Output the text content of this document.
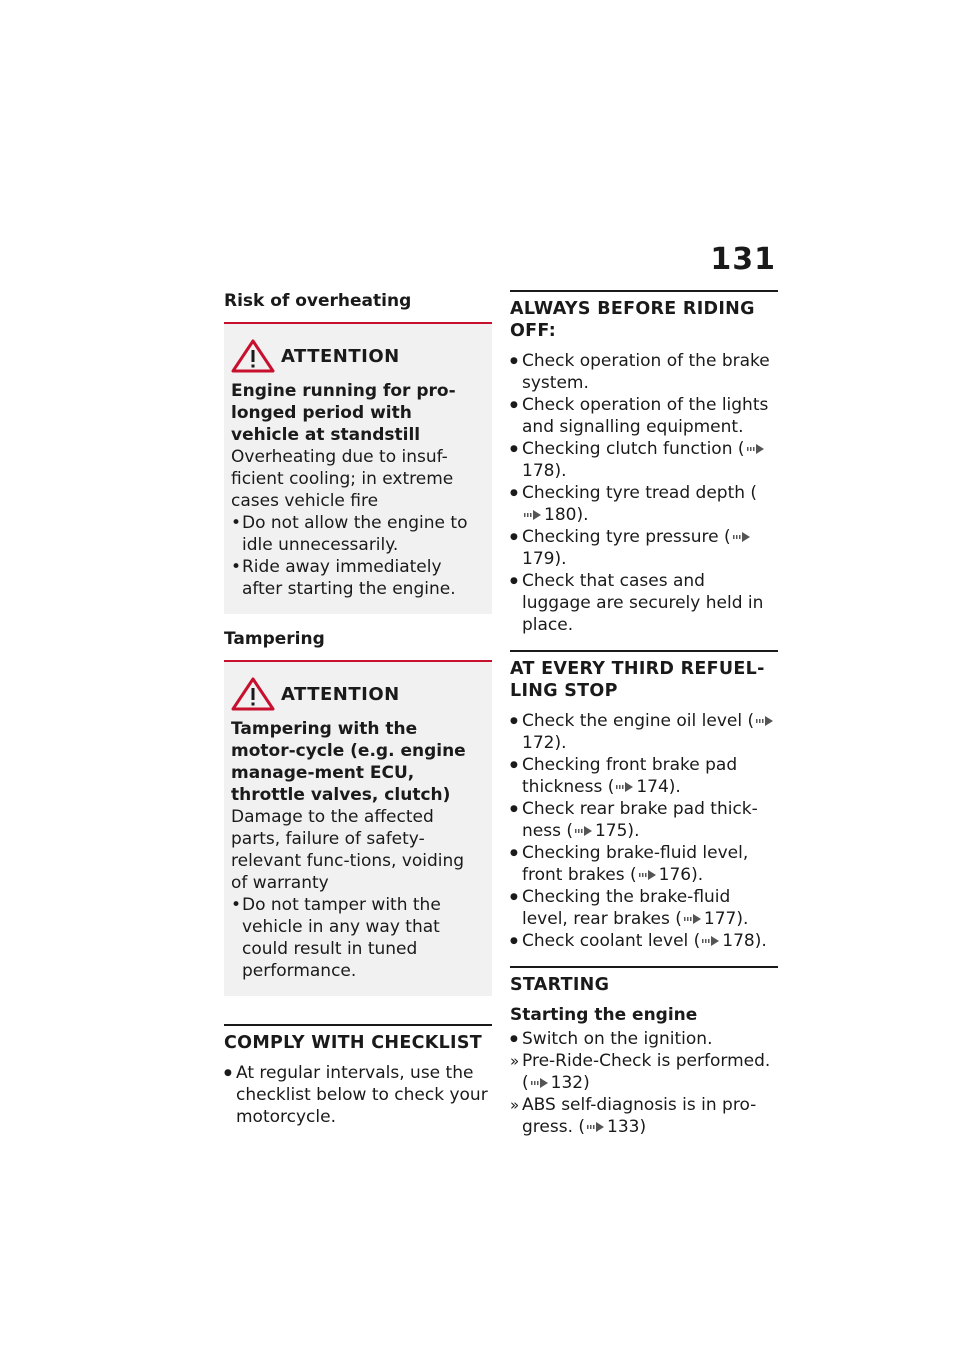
131
Risk of overheating
ATTENTION
Engine running for pro-longed period with vehicle at standstill
Overheating due to insuf-ficient cooling; in extreme cases vehicle fire
• Do not allow the engine to idle unnecessarily.
• Ride away immediately after starting the engine.
Tampering
ATTENTION
Tampering with the motor-cycle (e.g. engine manage-ment ECU, throttle valves, clutch)
Damage to the affected parts, failure of safety-relevant func-tions, voiding of warranty
• Do not tamper with the vehicle in any way that could result in tuned performance.
COMPLY WITH CHECKLIST
● At regular intervals, use the checklist below to check your motorcycle.
ALWAYS BEFORE RIDING OFF:
● Check operation of the brake system.
● Check operation of the lights and signalling equipment.
● Checking clutch function (178).
● Checking tyre tread depth (180).
● Checking tyre pressure (179).
● Check that cases and luggage are securely held in place.
AT EVERY THIRD REFUEL-LING STOP
● Check the engine oil level (172).
● Checking front brake pad thickness ( 174).
● Check rear brake pad thick-ness ( 175).
● Checking brake-fluid level, front brakes ( 176).
● Checking the brake-fluid level, rear brakes ( 177).
● Check coolant level ( 178).
STARTING
Starting the engine
● Switch on the ignition.
» Pre-Ride-Check is performed. ( 132)
» ABS self-diagnosis is in pro-gress. ( 133)
